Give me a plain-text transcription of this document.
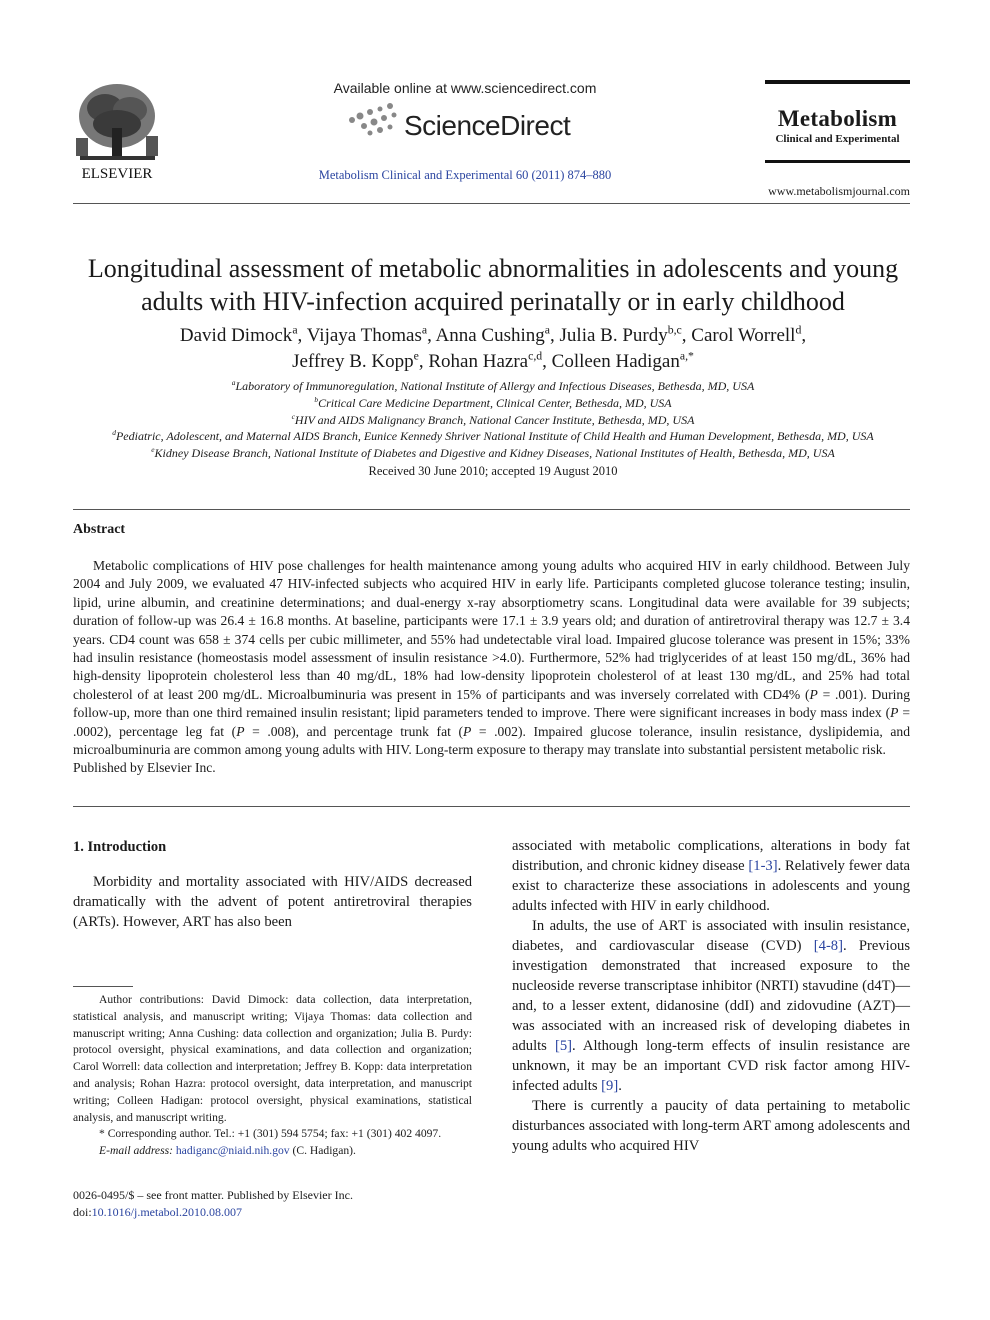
ELSEVIER
Available online at www.sciencedirect.com
ScienceDirect
Metabolism Clinical and Experimental 60 (2011) 874–880
Metabolism
Clinical and Experimental
www.metabolismjournal.com
Longitudinal assessment of metabolic abnormalities in adolescents and young adults with HIV-infection acquired perinatally or in early childhood
David Dimock$^a$, Vijaya Thomas$^a$, Anna Cushing$^a$, Julia B. Purdy$^{b,c}$, Carol Worrell$^d$,
Jeffrey B. Kopp$^e$, Rohan Hazra$^{c,d}$, Colleen Hadigan$^{a,*}$
$^a$Laboratory of Immunoregulation, National Institute of Allergy and Infectious Diseases, Bethesda, MD, USA
$^b$Critical Care Medicine Department, Clinical Center, Bethesda, MD, USA
$^c$HIV and AIDS Malignancy Branch, National Cancer Institute, Bethesda, MD, USA
$^d$Pediatric, Adolescent, and Maternal AIDS Branch, Eunice Kennedy Shriver National Institute of Child Health and Human Development, Bethesda, MD, USA
$^e$Kidney Disease Branch, National Institute of Diabetes and Digestive and Kidney Diseases, National Institutes of Health, Bethesda, MD, USA
Received 30 June 2010; accepted 19 August 2010
Abstract

Metabolic complications of HIV pose challenges for health maintenance among young adults who acquired HIV in early childhood. Between July 2004 and July 2009, we evaluated 47 HIV-infected subjects who acquired HIV in early life. Participants completed glucose tolerance testing; insulin, lipid, urine albumin, and creatinine determinations; and dual-energy x-ray absorptiometry scans. Longitudinal data were available for 39 subjects; duration of follow-up was 26.4 ± 16.8 months. At baseline, participants were 17.1 ± 3.9 years old; and duration of antiretroviral therapy was 12.7 ± 3.4 years. CD4 count was 658 ± 374 cells per cubic millimeter, and 55% had undetectable viral load. Impaired glucose tolerance was present in 15%; 33% had insulin resistance (homeostasis model assessment of insulin resistance >4.0). Furthermore, 52% had triglycerides of at least 150 mg/dL, 36% had high-density lipoprotein cholesterol less than 40 mg/dL, 18% had low-density lipoprotein cholesterol of at least 130 mg/dL, and 25% had total cholesterol of at least 200 mg/dL. Microalbuminuria was present in 15% of participants and was inversely correlated with CD4% (P = .001). During follow-up, more than one third remained insulin resistant; lipid parameters tended to improve. There were significant increases in body mass index (P = .0002), percentage leg fat (P = .008), and percentage trunk fat (P = .002). Impaired glucose tolerance, insulin resistance, dyslipidemia, and microalbuminuria are common among young adults with HIV. Long-term exposure to therapy may translate into substantial persistent metabolic risk.

Published by Elsevier Inc.

1. Introduction

Morbidity and mortality associated with HIV/AIDS decreased dramatically with the advent of potent antiretroviral therapies (ARTs). However, ART has also been

Author contributions: David Dimock: data collection, data interpretation, statistical analysis, and manuscript writing; Vijaya Thomas: data collection and manuscript writing; Anna Cushing: data collection and organization; Julia B. Purdy: protocol oversight, physical examinations, and data collection and organization; Carol Worrell: data collection and interpretation; Jeffrey B. Kopp: data interpretation and analysis; Rohan Hazra: protocol oversight, data interpretation, and manuscript writing; Colleen Hadigan: protocol oversight, physical examinations, statistical analysis, and manuscript writing.

* Corresponding author. Tel.: +1 (301) 594 5754; fax: +1 (301) 402 4097.

E-mail address: hadiganc@niaid.nih.gov (C. Hadigan).

0026-0495/$ – see front matter. Published by Elsevier Inc.
doi:10.1016/j.metabol.2010.08.007

associated with metabolic complications, alterations in body fat distribution, and chronic kidney disease [1-3]. Relatively fewer data exist to characterize these associations in adolescents and young adults infected with HIV in early childhood.

In adults, the use of ART is associated with insulin resistance, diabetes, and cardiovascular disease (CVD) [4-8]. Previous investigation demonstrated that increased exposure to the nucleoside reverse transcriptase inhibitor (NRTI) stavudine (d4T)—and, to a lesser extent, didanosine (ddI) and zidovudine (AZT)—was associated with an increased risk of developing diabetes in adults [5]. Although long-term effects of insulin resistance are unknown, it may be an important CVD risk factor among HIV-infected adults [9].

There is currently a paucity of data pertaining to metabolic disturbances associated with long-term ART among adolescents and young adults who acquired HIV
